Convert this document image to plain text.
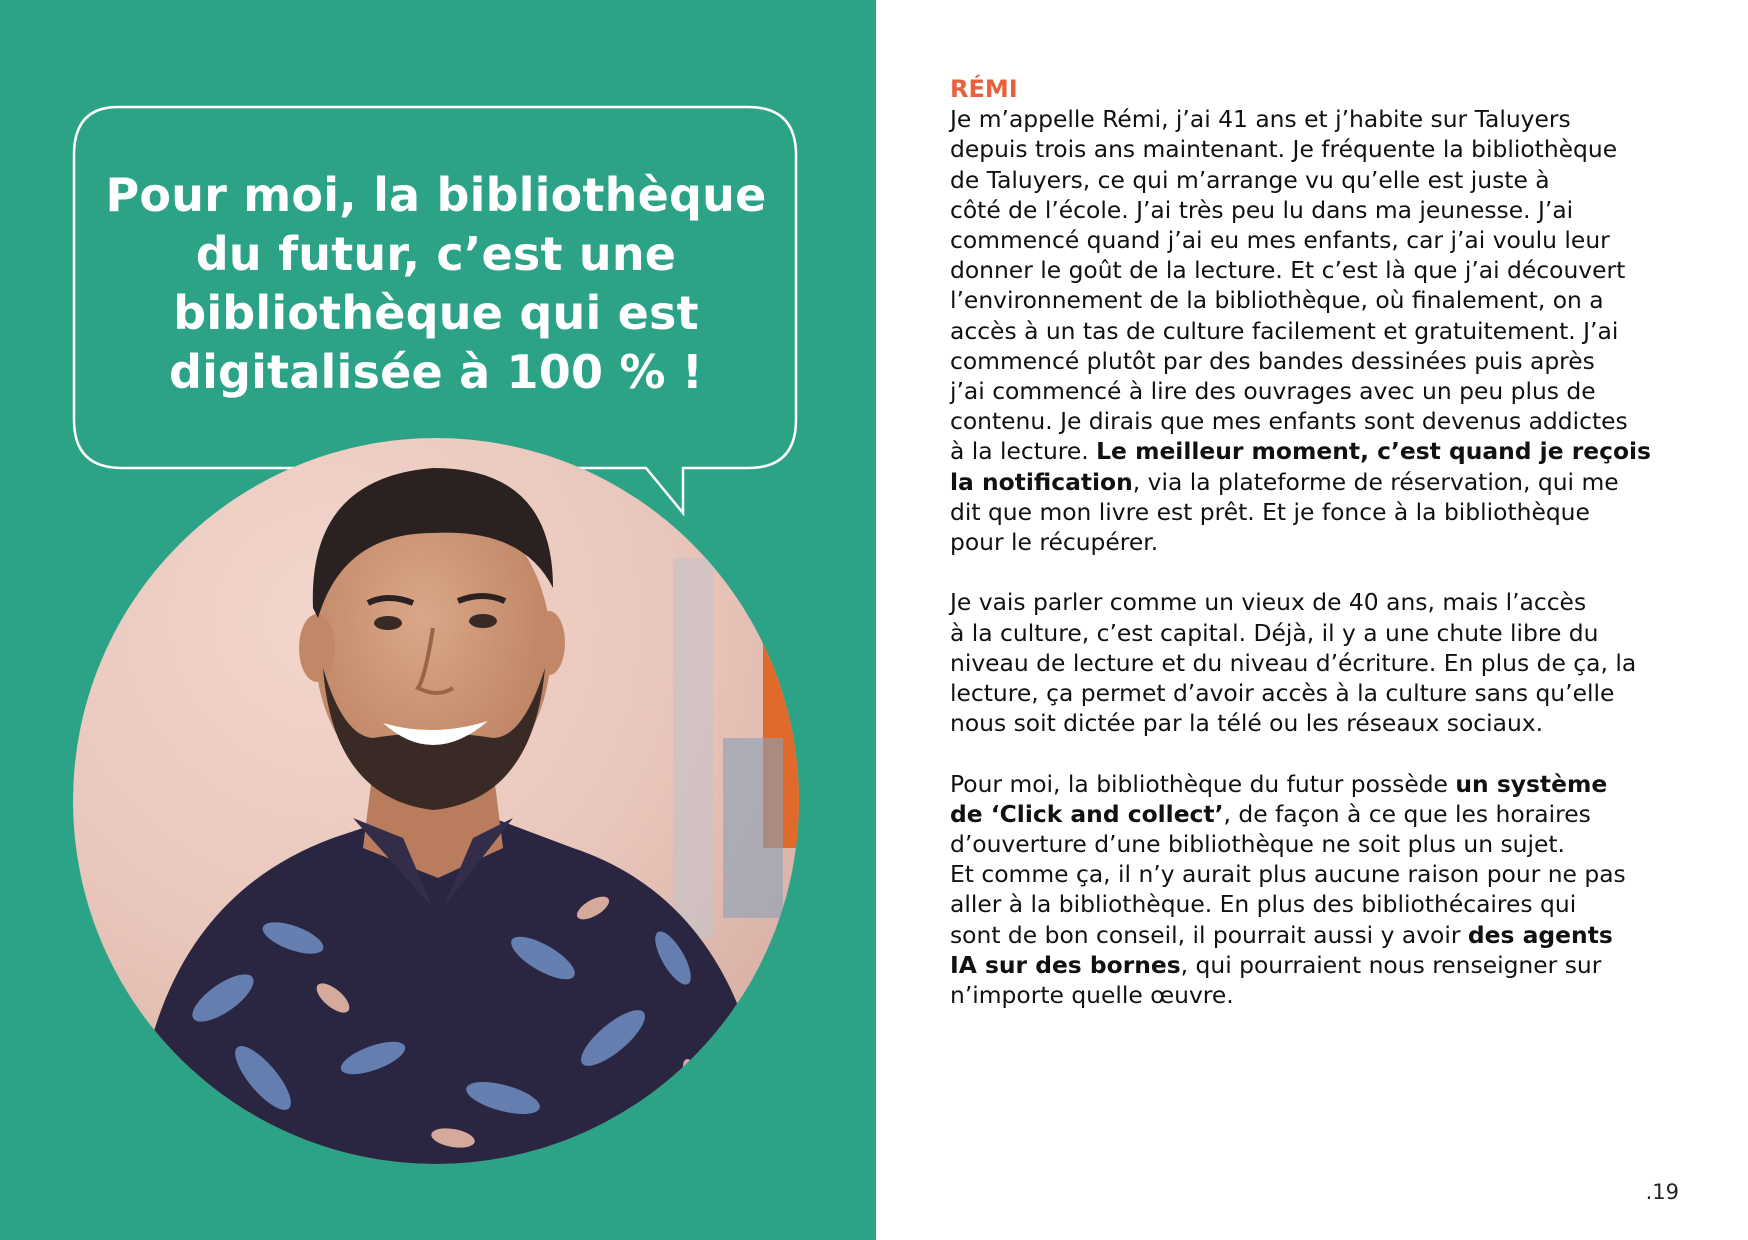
Pour moi, la bibliothèque
du futur, c’est une
bibliothèque qui est
digitalisée à 100 % !

RÉMI

Je m’appelle Rémi, j’ai 41 ans et j’habite sur Taluyers
depuis trois ans maintenant. Je fréquente la bibliothèque
de Taluyers, ce qui m’arrange vu qu’elle est juste à
côté de l’école. J’ai très peu lu dans ma jeunesse. J’ai
commencé quand j’ai eu mes enfants, car j’ai voulu leur
donner le goût de la lecture. Et c’est là que j’ai découvert
l’environnement de la bibliothèque, où finalement, on a
accès à un tas de culture facilement et gratuitement. J’ai
commencé plutôt par des bandes dessinées puis après
j’ai commencé à lire des ouvrages avec un peu plus de
contenu. Je dirais que mes enfants sont devenus addictes
à la lecture. Le meilleur moment, c’est quand je reçois
la notification, via la plateforme de réservation, qui me
dit que mon livre est prêt. Et je fonce à la bibliothèque
pour le récupérer.

Je vais parler comme un vieux de 40 ans, mais l’accès
à la culture, c’est capital. Déjà, il y a une chute libre du
niveau de lecture et du niveau d’écriture. En plus de ça, la
lecture, ça permet d’avoir accès à la culture sans qu’elle
nous soit dictée par la télé ou les réseaux sociaux.

Pour moi, la bibliothèque du futur possède un système
de ‘Click and collect’, de façon à ce que les horaires
d’ouverture d’une bibliothèque ne soit plus un sujet.
Et comme ça, il n’y aurait plus aucune raison pour ne pas
aller à la bibliothèque. En plus des bibliothécaires qui
sont de bon conseil, il pourrait aussi y avoir des agents
IA sur des bornes, qui pourraient nous renseigner sur
n’importe quelle œuvre.

.19
